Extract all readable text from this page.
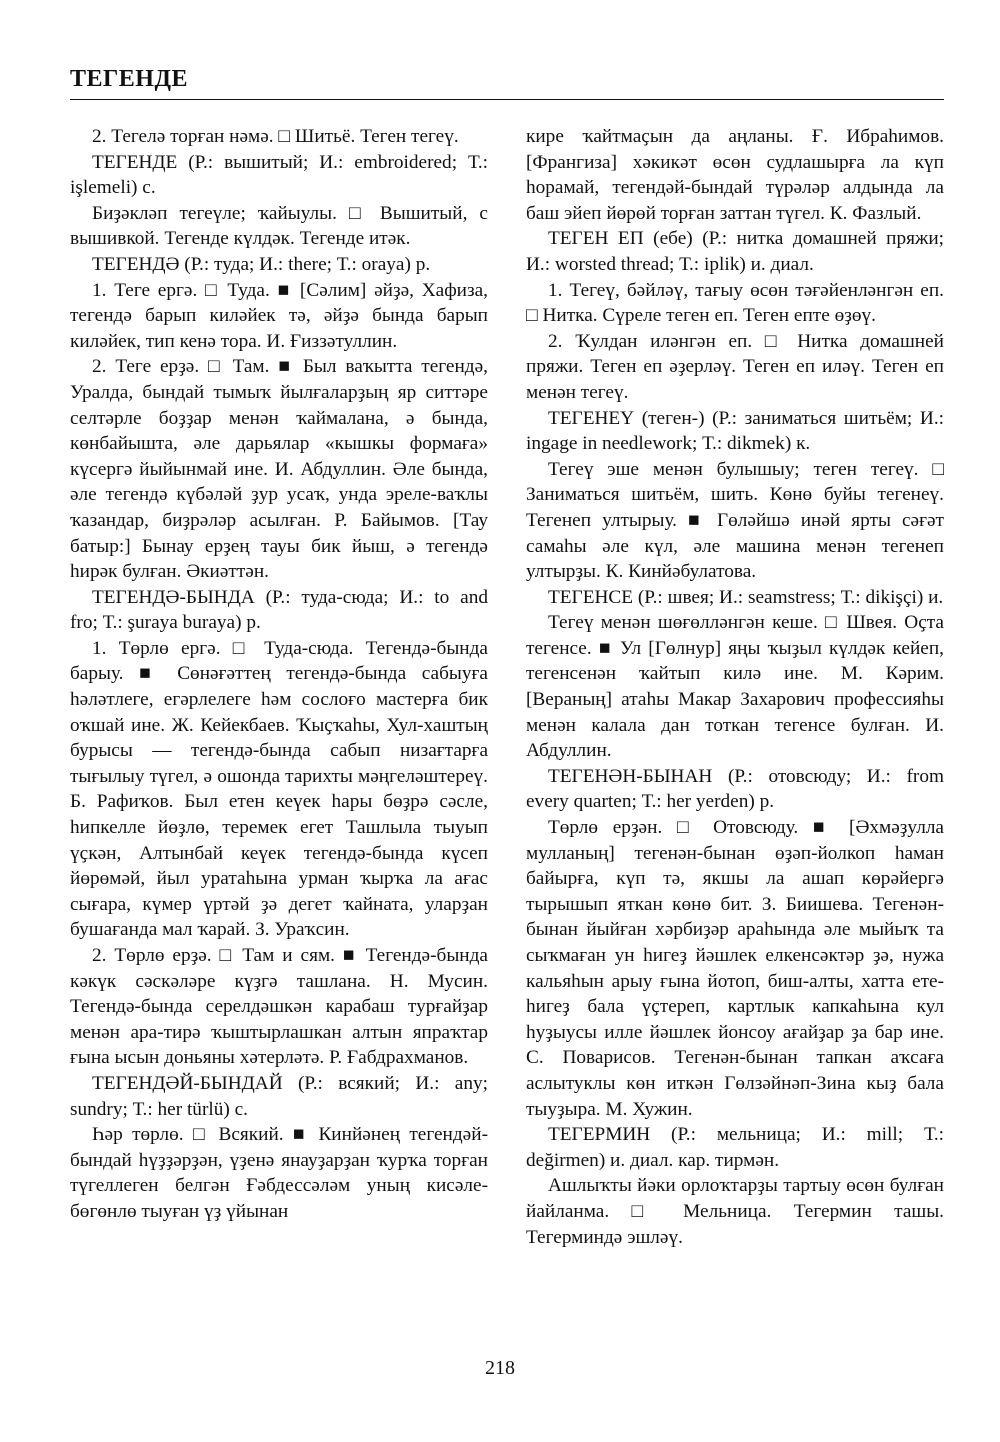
ТЕГЕНДЕ

2. Тегелә торған нәмә. □ Шитьё. Теген тегеү.

ТЕГЕНДЕ (Р.: вышитый; И.: embroidered; Т.: işlemeli) с.

Биҙәкләп тегеүле; ҡайыулы. □ Вышитый, с вышивкой. Тегенде күлдәк. Тегенде итәк.

ТЕГЕНДӘ (Р.: туда; И.: there; Т.: oraya) р.

1. Теге ергә. □ Туда. ■ [Сәлим] әйҙә, Хафиза, тегендә барып киләйек тә, әйҙә бында барып киләйек, тип кенә тора. И. Ғиззәтуллин.

2. Теге ерҙә. □ Там. ■ Был ваҡытта тегендә, Уралда, бындай тымыҡ йылғаларҙың яр ситтәре селтәрле боҙҙар менән ҡаймалана, ә бында, көнбайышта, әле дарьялар «кышкы формаға» күсергә йыйынмай ине. И. Абдуллин. Әле бында, әле тегендә күбәләй ҙур усаҡ, унда эреле-ваҡлы ҡазандар, биҙрәләр асылған. Р. Байымов. [Тау батыр:] Бынау ерҙең тауы бик йыш, ә тегендә һирәк булған. Әкиәттән.

ТЕГЕНДӘ-БЫНДА (Р.: туда-сюда; И.: to and fro; Т.: şuraya buraya) р.

1. Төрлө ергә. □ Туда-сюда. Тегендә-бында барыу. ■ Сөнәғәттең тегендә-бында сабыуға һәләтлеге, егәрлелеге һәм сослоғо мастерға бик оҡшай ине. Ж. Кейекбаев. Ҡыҫҡаһы, Хул-хаштың бурысы — тегендә-бында сабып низағтарға тығылыу түгел, ә ошонда тарихты мәңгеләштереү. Б. Рафиҡов. Был етен кеүек һары бөҙрә сәсле, һипкелле йөҙлө, теремек егет Ташлыла тыуып үҫкән, Алтынбай кеүек тегендә-бында күсеп йөрөмәй, йыл уратаһына урман ҡырҡа ла ағас сығара, күмер үртәй ҙә дегет ҡайната, уларҙан бушағанда мал ҡарай. З. Ураҡсин.

2. Төрлө ерҙә. □ Там и сям. ■ Тегендә-бында кәкүк сәскәләре күҙгә ташлана. Н. Мусин. Тегендә-бында серелдәшкән карабаш турғайҙар менән ара-тирә ҡыштырлашкан алтын япраҡтар ғына ысын доньяны хәтерләтә. Р. Ғабдрахманов.

ТЕГЕНДӘЙ-БЫНДАЙ (Р.: всякий; И.: any; sundry; Т.: her türlü) с.

Һәр төрлө. □ Всякий. ■ Кинйәнең тегендәй-бындай һүҙҙәрҙән, үҙенә янауҙарҙан ҡурҡа торған түгеллеген белгән Ғәбдессәләм уның кисәле-бөгөнлө тыуған үҙ үйынан

кире ҡайтмаҫын да аңланы. Ғ. Ибраһимов. [Франгиза] хәкикәт өсөн судлашырға ла күп һорамай, тегендәй-бындай түрәләр алдында ла баш эйеп йөрөй торған заттан түгел. К. Фазлый.

ТЕГЕН ЕП (ебе) (Р.: нитка домашней пряжи; И.: worsted thread; Т.: iplik) и. диал.

1. Тегеү, бәйләү, тағыу өсөн тәғәйенләнгән еп. □ Нитка. Сүреле теген еп. Теген епте өҙөү.

2. Ҡулдан иләнгән еп. □ Нитка домашней пряжи. Теген еп әҙерләү. Теген еп иләү. Теген еп менән тегеү.

ТЕГЕНЕҮ (теген-) (Р.: заниматься шитьём; И.: ingage in needlework; Т.: dikmek) к.

Тегеү эше менән булышыу; теген тегеү. □ Заниматься шитьём, шить. Көнө буйы тегенеү. Тегенеп ултырыу. ■ Гөләйшә инәй ярты сәғәт самаһы әле күл, әле машина менән тегенеп ултырҙы. К. Кинйәбулатова.

ТЕГЕНСЕ (Р.: швея; И.: seamstress; Т.: dikişçi) и.

Тегеү менән шөғөлләнгән кеше. □ Швея. Оҫта тегенсе. ■ Ул [Гөлнур] яңы ҡыҙыл күлдәк кейеп, тегенсенән ҡайтып килә ине. М. Кәрим. [Вераның] атаһы Макар Захарович профессияһы менән калала дан тоткан тегенсе булған. И. Абдуллин.

ТЕГЕНӘН-БЫНАН (Р.: отовсюду; И.: from every quarten; Т.: her yerden) р.

Төрлө ерҙән. □ Отовсюду. ■ [Әхмәҙулла мулланың] тегенән-бынан өҙәп-йолкоп һаман байырға, күп тә, якшы ла ашап көрәйергә тырышып яткан көнө бит. З. Биишева. Тегенән-бынан йыйған хәрбиҙәр араһында әле мыйыҡ та сыҡмаған ун һигеҙ йәшлек елкенсәктәр ҙә, нужа кальяһын арыу ғына йотоп, биш-алты, хатта ете-һигеҙ бала үҫтереп, картлык капкаһына кул һуҙыусы илле йәшлек йонсоу ағайҙар ҙа бар ине. С. Поварисов. Тегенән-бынан тапкан аҡсаға аслытуклы көн иткән Гөлзәйнәп-Зина кыҙ бала тыуҙыра. М. Хужин.

ТЕГЕРМИН (Р.: мельница; И.: mill; Т.: değirmen) и. диал. кар. тирмән.

Ашлыҡты йәки орлоҡтарҙы тартыу өсөн булған йайланма. □ Мельница. Тегермин ташы. Тегерминдә эшләү.

218
